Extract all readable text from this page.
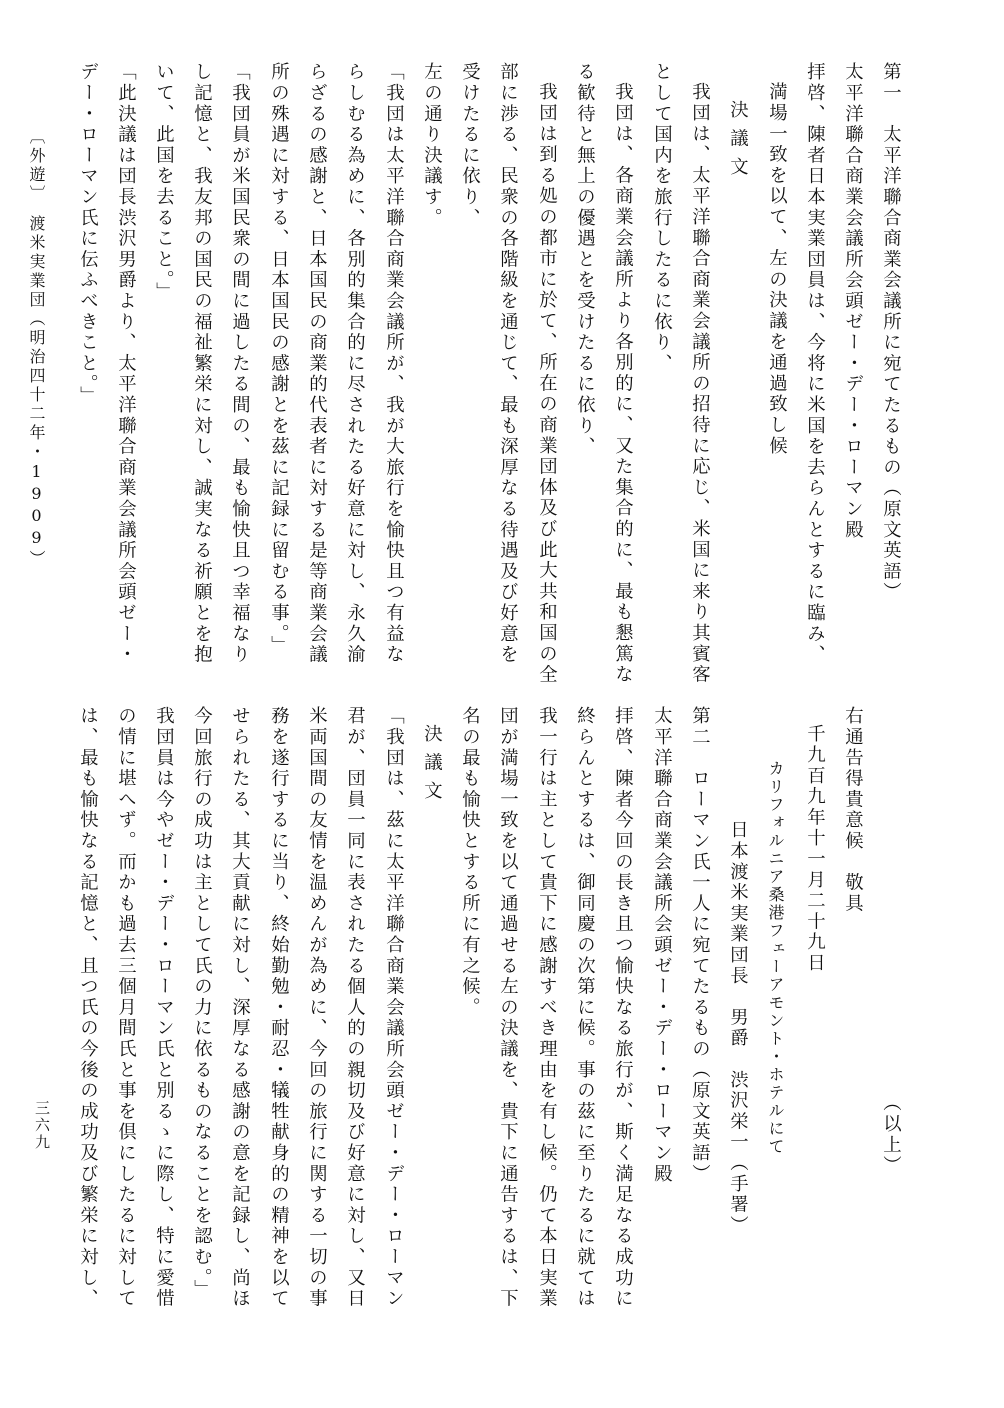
第一　太平洋聯合商業会議所に宛てたるもの（原文英語）
太平洋聯合商業会議所会頭ゼー・デー・ローマン殿
拝啓、陳者日本実業団員は、今将に米国を去らんとするに臨み、
満場一致を以て、左の決議を通過致し候
決議文
我団は、太平洋聯合商業会議所の招待に応じ、米国に来り其賓客
として国内を旅行したるに依り、
我団は、各商業会議所より各別的に、又た集合的に、最も懇篤な
る歓待と無上の優遇とを受けたるに依り、
我団は到る処の都市に於て、所在の商業団体及び此大共和国の全
部に渉る、民衆の各階級を通じて、最も深厚なる待遇及び好意を
受けたるに依り、
左の通り決議す。
「我団は太平洋聯合商業会議所が、我が大旅行を愉快且つ有益な
らしむる為めに、各別的集合的に尽されたる好意に対し、永久渝
らざるの感謝と、日本国民の商業的代表者に対する是等商業会議
所の殊遇に対する、日本国民の感謝とを茲に記録に留むる事。」
「我団員が米国民衆の間に過したる間の、最も愉快且つ幸福なり
し記憶と、我友邦の国民の福祉繁栄に対し、誠実なる祈願とを抱
いて、此国を去ること。」
「此決議は団長渋沢男爵より、太平洋聯合商業会議所会頭ゼー・
デー・ローマン氏に伝ふべきこと。」
〔外遊〕　渡米実業団（明治四十二年・1909）
（以上）
右通告得貴意候　敬具
千九百九年十一月二十九日
カリフォルニア桑港フェーアモント・ホテルにて
日本渡米実業団長　男爵　渋沢栄一（手署）
第二　ローマン氏一人に宛てたるもの（原文英語）
太平洋聯合商業会議所会頭ゼー・デー・ローマン殿
拝啓、陳者今回の長き且つ愉快なる旅行が、斯く満足なる成功に
終らんとするは、御同慶の次第に候。事の茲に至りたるに就ては
我一行は主として貴下に感謝すべき理由を有し候。仍て本日実業
団が満場一致を以て通過せる左の決議を、貴下に通告するは、下
名の最も愉快とする所に有之候。
決議文
「我団は、茲に太平洋聯合商業会議所会頭ゼー・デー・ローマン
君が、団員一同に表されたる個人的の親切及び好意に対し、又日
米両国間の友情を温めんが為めに、今回の旅行に関する一切の事
務を遂行するに当り、終始勤勉・耐忍・犠牲献身的の精神を以て
せられたる、其大貢献に対し、深厚なる感謝の意を記録し、尚ほ
今回旅行の成功は主として氏の力に依るものなることを認む。」
我団員は今やゼー・デー・ローマン氏と別るゝに際し、特に愛惜
の情に堪へず。而かも過去三個月間氏と事を倶にしたるに対して
は、最も愉快なる記憶と、且つ氏の今後の成功及び繁栄に対し、
三六九
